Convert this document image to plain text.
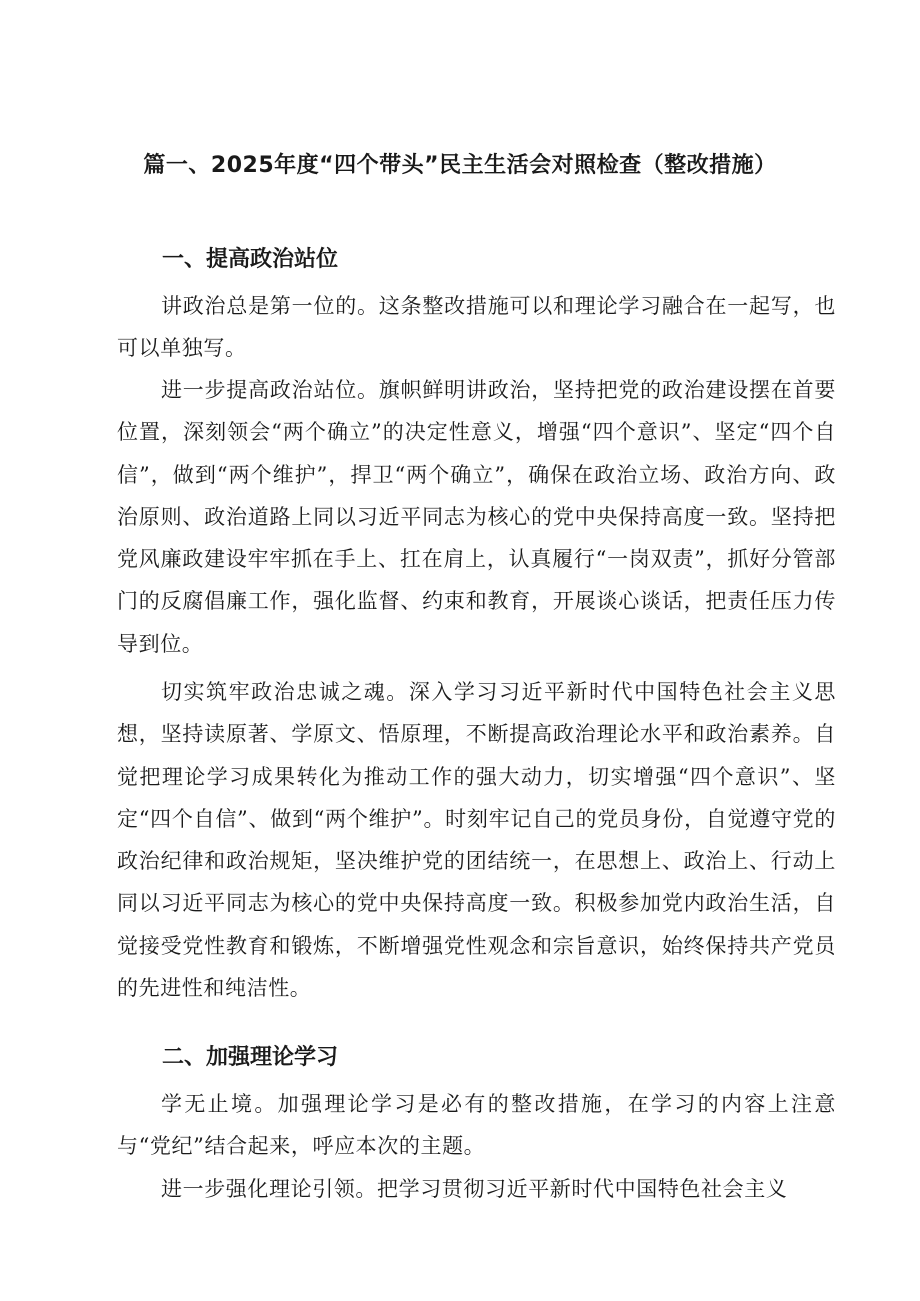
篇一、2025年度“四个带头”民主生活会对照检查（整改措施）
一、提高政治站位

讲政治总是第一位的。这条整改措施可以和理论学习融合在一起写，也可以单独写。

进一步提高政治站位。旗帜鲜明讲政治，坚持把党的政治建设摆在首要位置，深刻领会“两个确立”的决定性意义，增强“四个意识”、坚定“四个自信”，做到“两个维护”，捍卫“两个确立”，确保在政治立场、政治方向、政治原则、政治道路上同以习近平同志为核心的党中央保持高度一致。坚持把党风廉政建设牢牢抓在手上、扛在肩上，认真履行“一岗双责”，抓好分管部门的反腐倡廉工作，强化监督、约束和教育，开展谈心谈话，把责任压力传导到位。

切实筑牢政治忠诚之魂。深入学习习近平新时代中国特色社会主义思想，坚持读原著、学原文、悟原理，不断提高政治理论水平和政治素养。自觉把理论学习成果转化为推动工作的强大动力，切实增强“四个意识”、坚定“四个自信”、做到“两个维护”。时刻牢记自己的党员身份，自觉遵守党的政治纪律和政治规矩，坚决维护党的团结统一，在思想上、政治上、行动上同以习近平同志为核心的党中央保持高度一致。积极参加党内政治生活，自觉接受党性教育和锻炼，不断增强党性观念和宗旨意识，始终保持共产党员的先进性和纯洁性。

二、加强理论学习

学无止境。加强理论学习是必有的整改措施，在学习的内容上注意与“党纪”结合起来，呼应本次的主题。

进一步强化理论引领。把学习贯彻习近平新时代中国特色社会主义
